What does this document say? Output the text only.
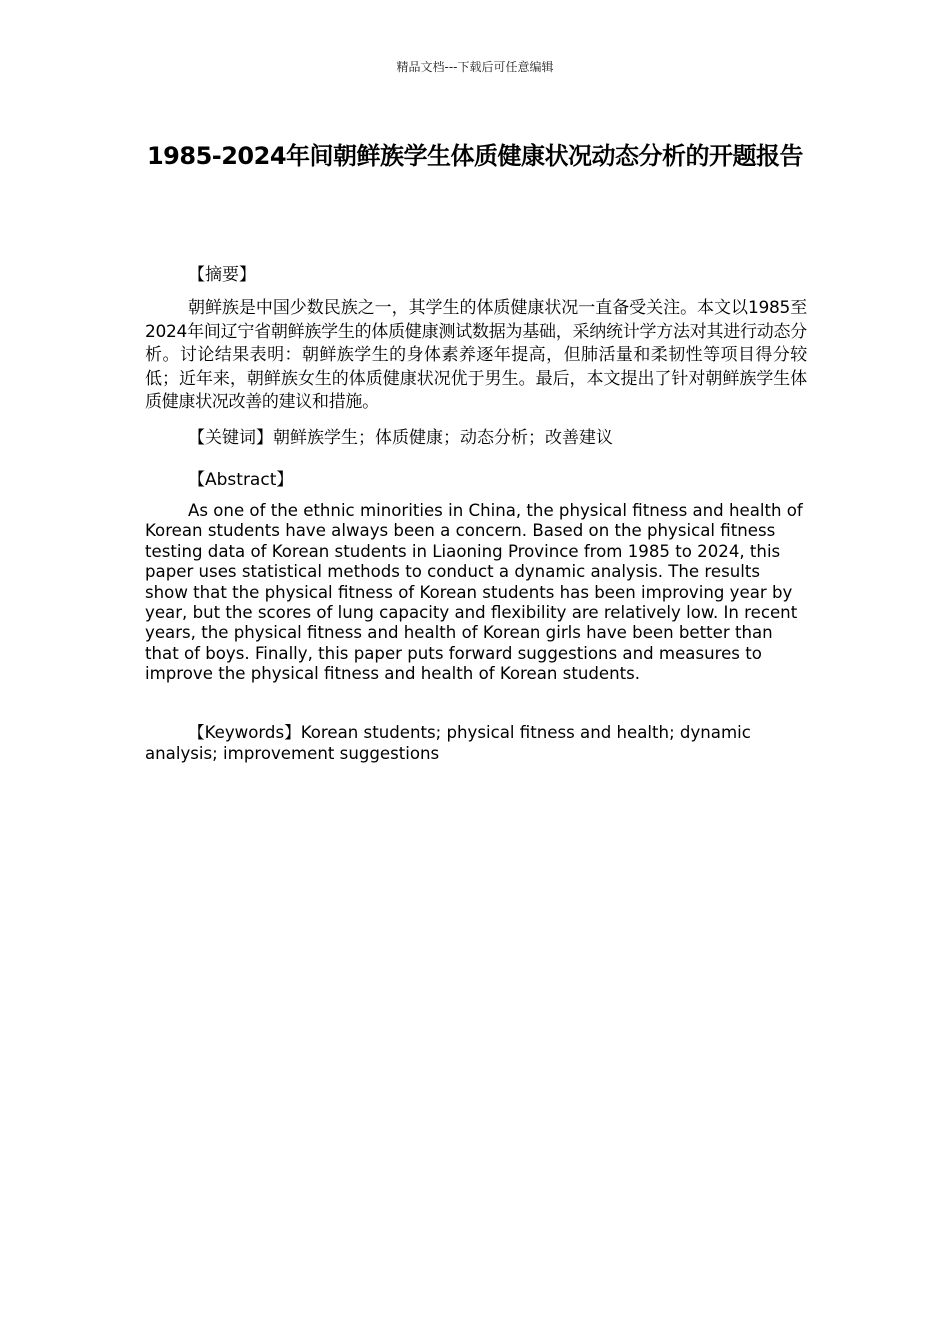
精品文档---下载后可任意编辑
1985-2024年间朝鲜族学生体质健康状况动态分析的开题报告
【摘要】
朝鲜族是中国少数民族之一，其学生的体质健康状况一直备受关注。本文以1985至2024年间辽宁省朝鲜族学生的体质健康测试数据为基础，采纳统计学方法对其进行动态分析。讨论结果表明：朝鲜族学生的身体素养逐年提高，但肺活量和柔韧性等项目得分较低；近年来，朝鲜族女生的体质健康状况优于男生。最后，本文提出了针对朝鲜族学生体质健康状况改善的建议和措施。
【关键词】朝鲜族学生；体质健康；动态分析；改善建议
【Abstract】
As one of the ethnic minorities in China, the physical fitness and health of Korean students have always been a concern. Based on the physical fitness testing data of Korean students in Liaoning Province from 1985 to 2024, this paper uses statistical methods to conduct a dynamic analysis. The results show that the physical fitness of Korean students has been improving year by year, but the scores of lung capacity and flexibility are relatively low. In recent years, the physical fitness and health of Korean girls have been better than that of boys. Finally, this paper puts forward suggestions and measures to improve the physical fitness and health of Korean students.
【Keywords】Korean students; physical fitness and health; dynamic analysis; improvement suggestions
